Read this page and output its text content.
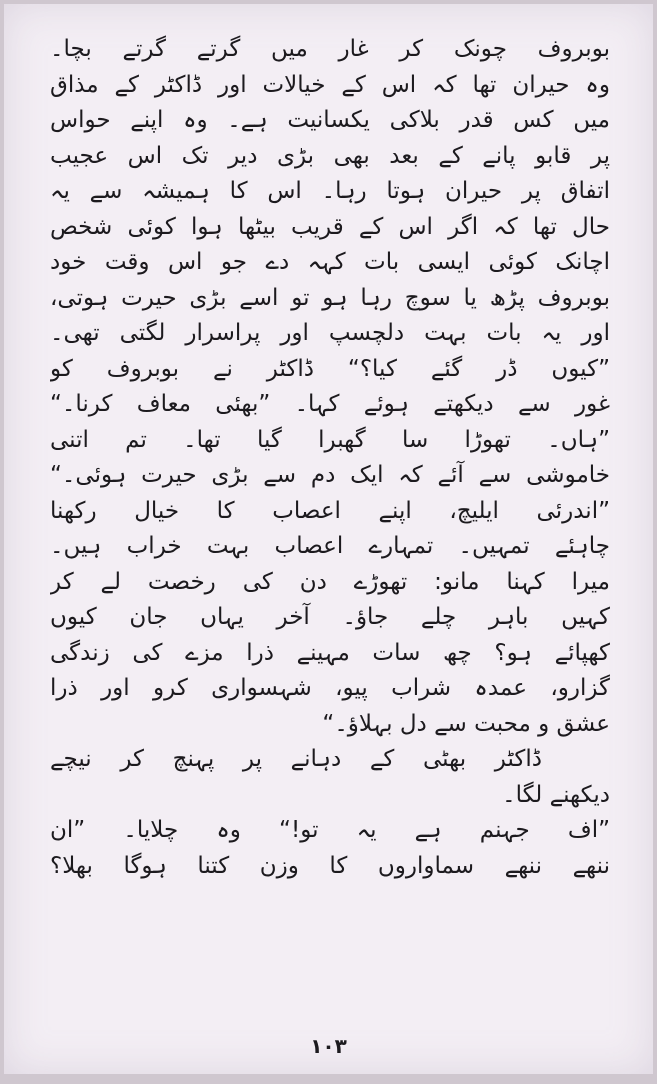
بوبروف چونک کر غار میں گرتے گرتے بچا۔
وہ حیران تھا کہ اس کے خیالات اور ڈاکٹر کے مذاق
میں کس قدر بلاکی یکسانیت ہے۔ وہ اپنے حواس
پر قابو پانے کے بعد بھی بڑی دیر تک اس عجیب
اتفاق پر حیران ہوتا رہا۔ اس کا ہمیشہ سے یہ
حال تھا کہ اگر اس کے قریب بیٹھا ہوا کوئی شخص
اچانک کوئی ایسی بات کہہ دے جو اس وقت خود
بوبروف پڑھ یا سوچ رہا ہو تو اسے بڑی حیرت ہوتی،
اور یہ بات بہت دلچسپ اور پراسرار لگتی تھی۔
”کیوں ڈر گئے کیا؟“ ڈاکٹر نے بوبروف کو
غور سے دیکھتے ہوئے کہا۔ ”بھئی معاف کرنا۔“
”ہاں۔ تھوڑا سا گھبرا گیا تھا۔ تم اتنی
خاموشی سے آئے کہ ایک دم سے بڑی حیرت ہوئی۔“
”اندرئی ایلیچ، اپنے اعصاب کا خیال رکھنا
چاہئے تمہیں۔ تمہارے اعصاب بہت خراب ہیں۔
میرا کہنا مانو: تھوڑے دن کی رخصت لے کر
کہیں باہر چلے جاؤ۔ آخر یہاں جان کیوں
کھپائے ہو؟ چھ سات مہینے ذرا مزے کی زندگی
گزارو، عمدہ شراب پیو، شہسواری کرو اور ذرا
عشق و محبت سے دل بہلاؤ۔“
ڈاکٹر بھٹی کے دہانے پر پہنچ کر نیچے
دیکھنے لگا۔
”اف جہنم ہے یہ تو!“ وہ چلایا۔ ”ان
ننھے ننھے سماواروں کا وزن کتنا ہوگا بھلا؟
۱۰۳
